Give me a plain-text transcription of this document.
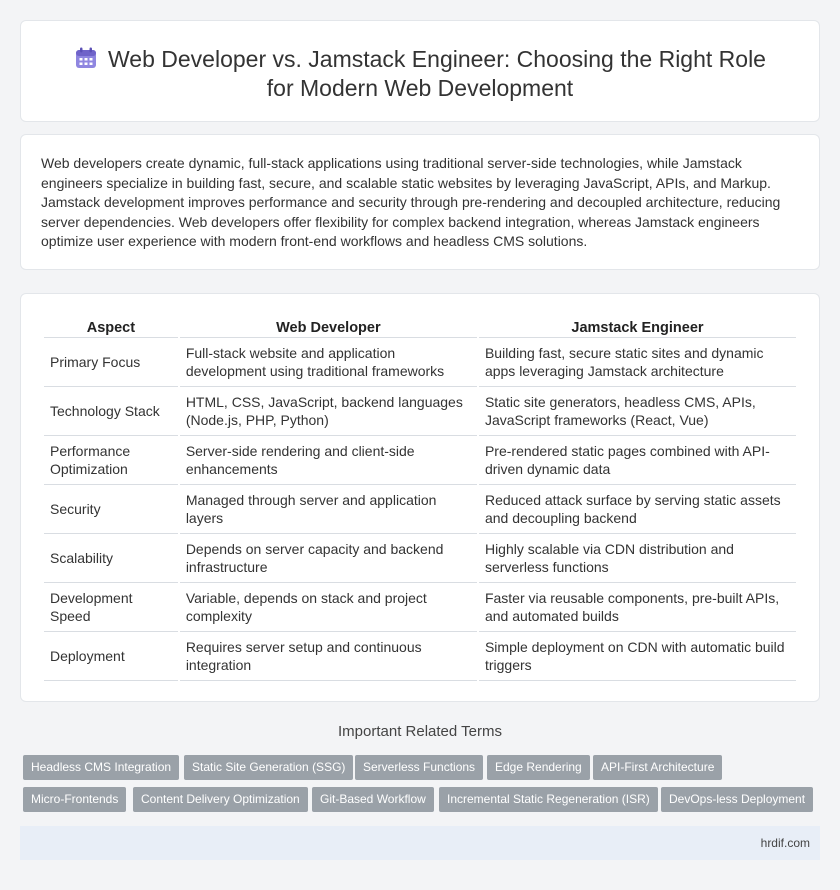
Web Developer vs. Jamstack Engineer: Choosing the Right Role
for Modern Web Development

Web developers create dynamic, full-stack applications using traditional server-side technologies, while Jamstack engineers specialize in building fast, secure, and scalable static websites by leveraging JavaScript, APIs, and Markup. Jamstack development improves performance and security through pre-rendering and decoupled architecture, reducing server dependencies. Web developers offer flexibility for complex backend integration, whereas Jamstack engineers optimize user experience with modern front-end workflows and headless CMS solutions.

Aspect	Web Developer	Jamstack Engineer
Primary Focus	Full-stack website and application development using traditional frameworks	Building fast, secure static sites and dynamic apps leveraging Jamstack architecture
Technology Stack	HTML, CSS, JavaScript, backend languages (Node.js, PHP, Python)	Static site generators, headless CMS, APIs, JavaScript frameworks (React, Vue)
Performance Optimization	Server-side rendering and client-side enhancements	Pre-rendered static pages combined with API-driven dynamic data
Security	Managed through server and application layers	Reduced attack surface by serving static assets and decoupling backend
Scalability	Depends on server capacity and backend infrastructure	Highly scalable via CDN distribution and serverless functions
Development Speed	Variable, depends on stack and project complexity	Faster via reusable components, pre-built APIs, and automated builds
Deployment	Requires server setup and continuous integration	Simple deployment on CDN with automatic build triggers
Important Related Terms
Headless CMS Integration	Static Site Generation (SSG)	Serverless Functions	Edge Rendering	API-First Architecture
Micro-Frontends	Content Delivery Optimization	Git-Based Workflow	Incremental Static Regeneration (ISR)	DevOps-less Deployment
hrdif.com
